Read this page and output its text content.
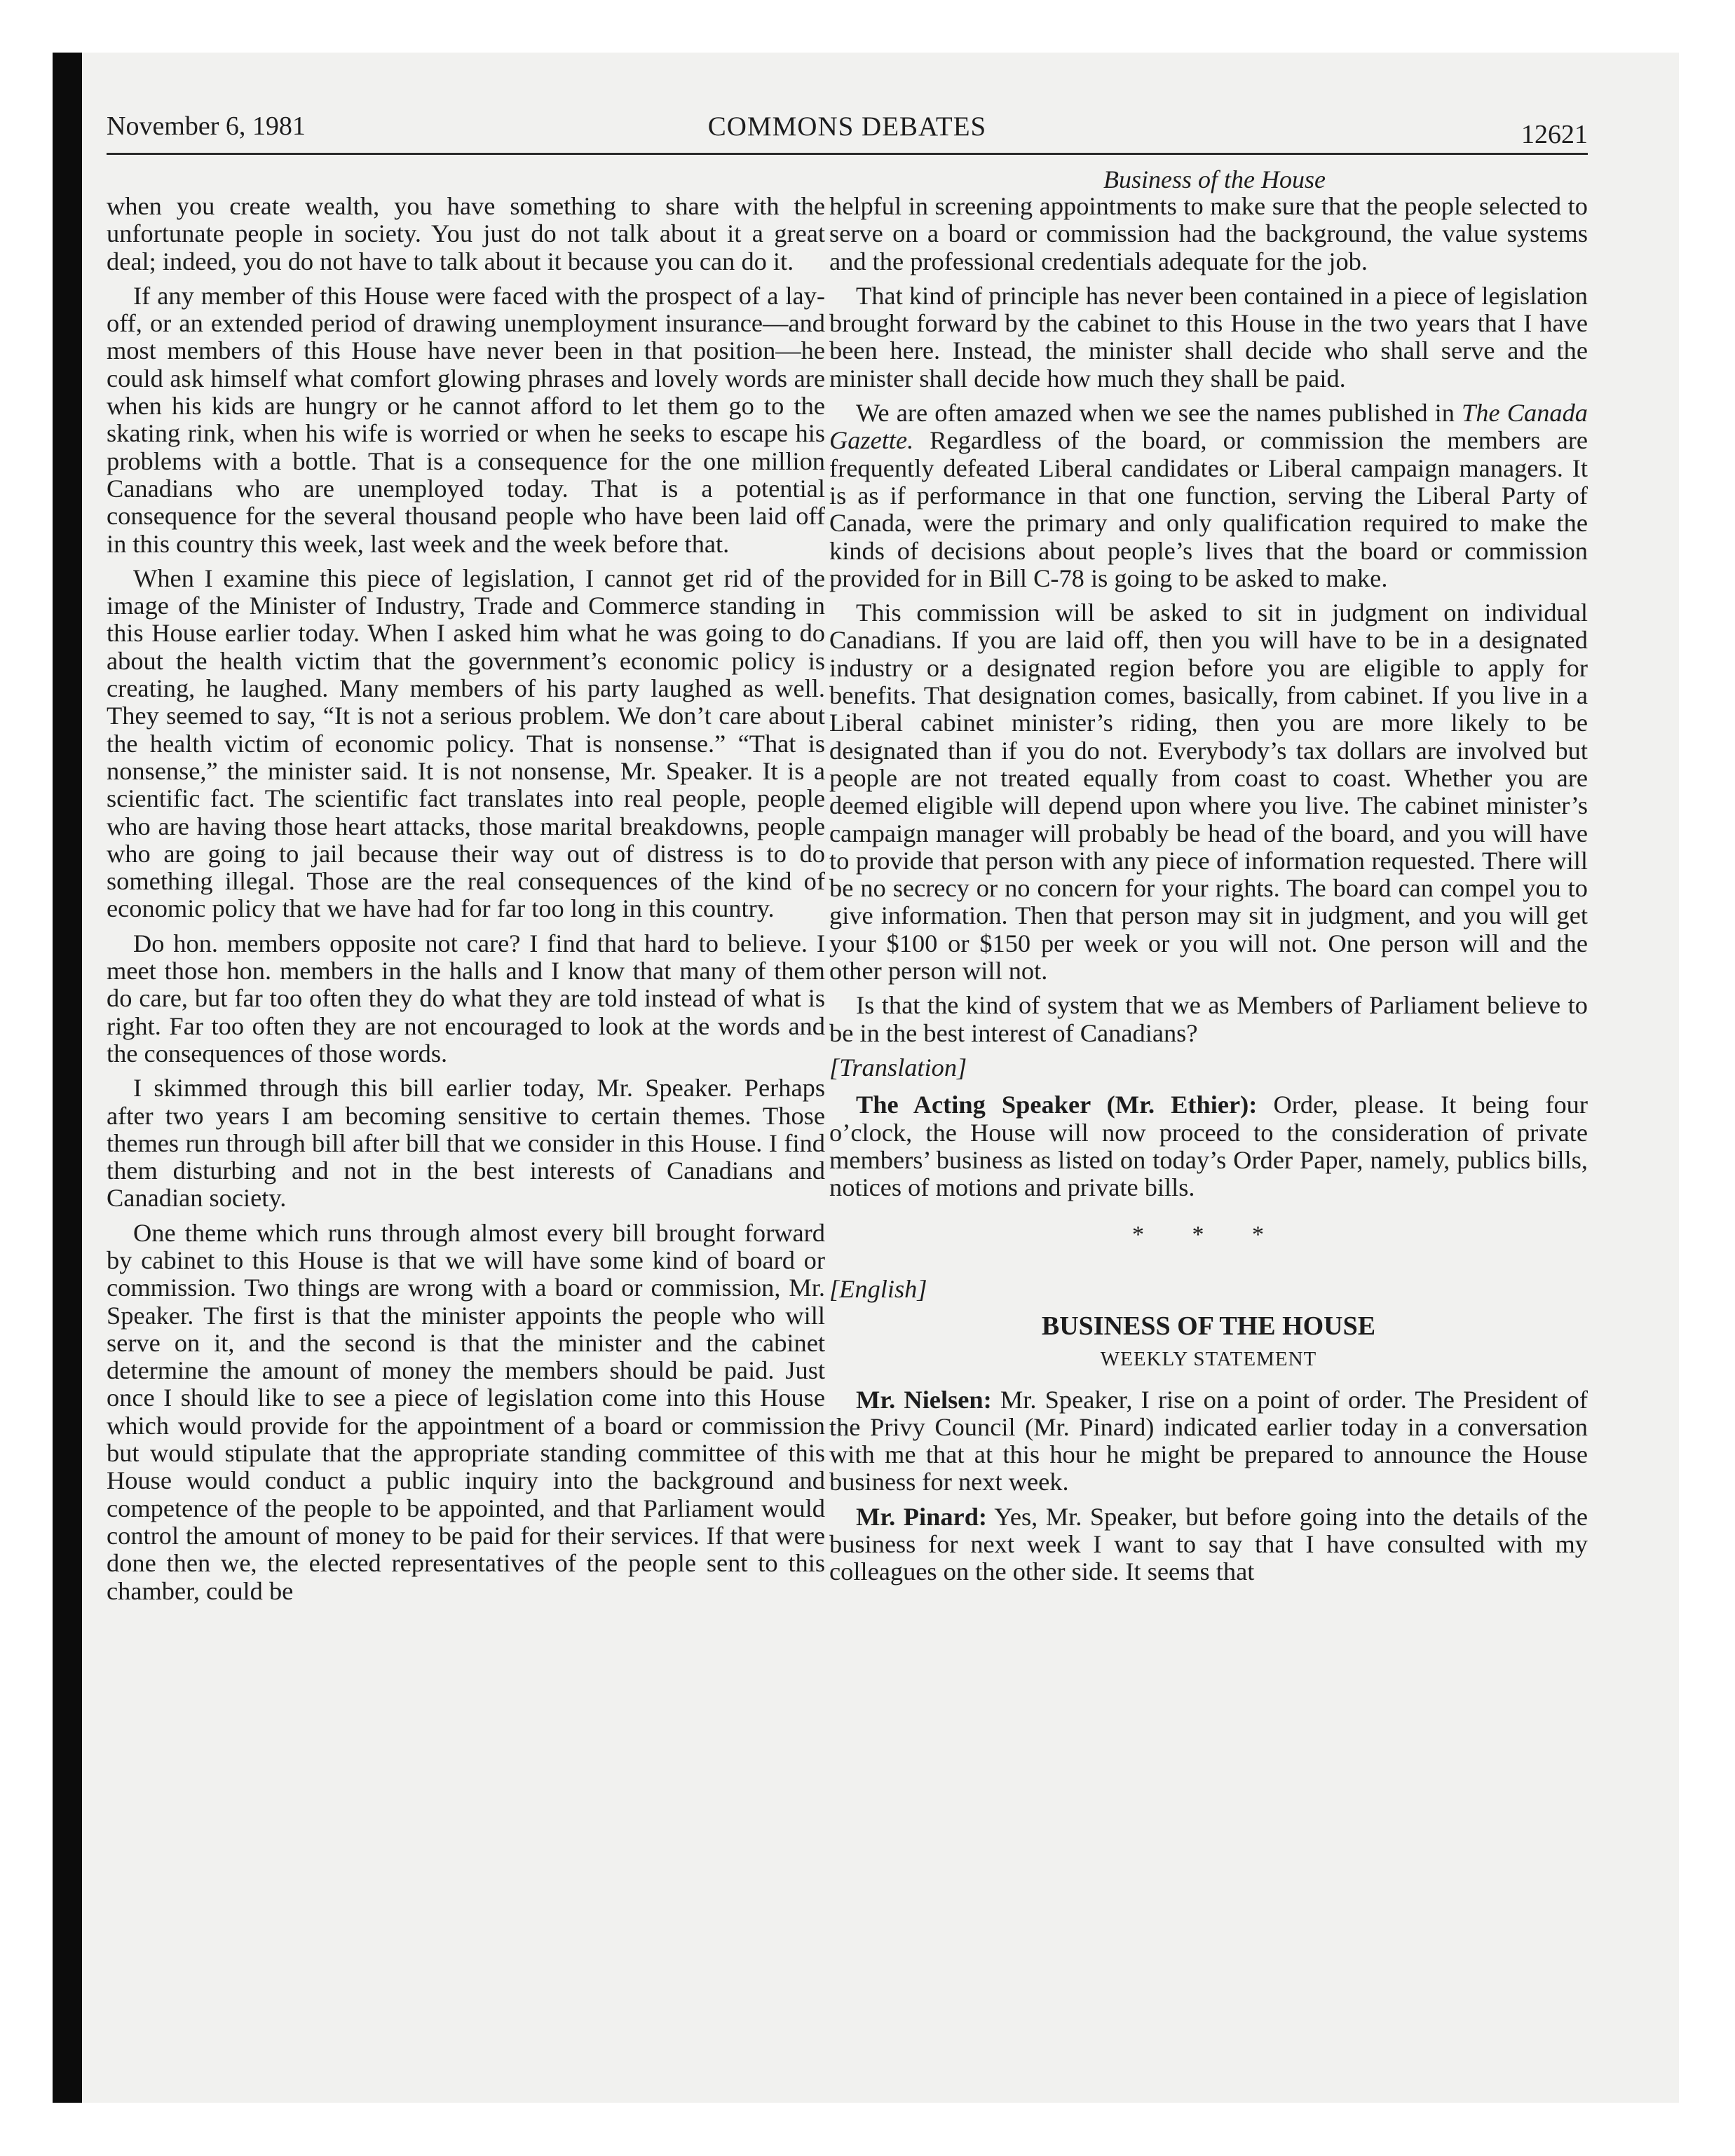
November 6, 1981	COMMONS DEBATES	12621
Business of the House

when you create wealth, you have something to share with the unfortunate people in society. You just do not talk about it a great deal; indeed, you do not have to talk about it because you can do it.

If any member of this House were faced with the prospect of a lay-off, or an extended period of drawing unemployment insurance—and most members of this House have never been in that position—he could ask himself what comfort glowing phrases and lovely words are when his kids are hungry or he cannot afford to let them go to the skating rink, when his wife is worried or when he seeks to escape his problems with a bottle. That is a consequence for the one million Canadians who are unemployed today. That is a potential consequence for the several thousand people who have been laid off in this country this week, last week and the week before that.

When I examine this piece of legislation, I cannot get rid of the image of the Minister of Industry, Trade and Commerce standing in this House earlier today. When I asked him what he was going to do about the health victim that the government’s economic policy is creating, he laughed. Many members of his party laughed as well. They seemed to say, “It is not a serious problem. We don’t care about the health victim of economic policy. That is nonsense.” “That is nonsense,” the minister said. It is not nonsense, Mr. Speaker. It is a scientific fact. The scientific fact translates into real people, people who are having those heart attacks, those marital breakdowns, people who are going to jail because their way out of distress is to do something illegal. Those are the real consequences of the kind of economic policy that we have had for far too long in this country.

Do hon. members opposite not care? I find that hard to believe. I meet those hon. members in the halls and I know that many of them do care, but far too often they do what they are told instead of what is right. Far too often they are not encouraged to look at the words and the consequences of those words.

I skimmed through this bill earlier today, Mr. Speaker. Perhaps after two years I am becoming sensitive to certain themes. Those themes run through bill after bill that we consider in this House. I find them disturbing and not in the best interests of Canadians and Canadian society.

One theme which runs through almost every bill brought forward by cabinet to this House is that we will have some kind of board or commission. Two things are wrong with a board or commission, Mr. Speaker. The first is that the minister appoints the people who will serve on it, and the second is that the minister and the cabinet determine the amount of money the members should be paid. Just once I should like to see a piece of legislation come into this House which would provide for the appointment of a board or commission but would stipulate that the appropriate standing committee of this House would conduct a public inquiry into the background and competence of the people to be appointed, and that Parliament would control the amount of money to be paid for their services. If that were done then we, the elected representatives of the people sent to this chamber, could be

helpful in screening appointments to make sure that the people selected to serve on a board or commission had the background, the value systems and the professional credentials adequate for the job.

That kind of principle has never been contained in a piece of legislation brought forward by the cabinet to this House in the two years that I have been here. Instead, the minister shall decide who shall serve and the minister shall decide how much they shall be paid.

We are often amazed when we see the names published in The Canada Gazette. Regardless of the board, or commission the members are frequently defeated Liberal candidates or Liberal campaign managers. It is as if performance in that one function, serving the Liberal Party of Canada, were the primary and only qualification required to make the kinds of decisions about people’s lives that the board or commission provided for in Bill C-78 is going to be asked to make.

This commission will be asked to sit in judgment on individual Canadians. If you are laid off, then you will have to be in a designated industry or a designated region before you are eligible to apply for benefits. That designation comes, basically, from cabinet. If you live in a Liberal cabinet minister’s riding, then you are more likely to be designated than if you do not. Everybody’s tax dollars are involved but people are not treated equally from coast to coast. Whether you are deemed eligible will depend upon where you live. The cabinet minister’s campaign manager will probably be head of the board, and you will have to provide that person with any piece of information requested. There will be no secrecy or no concern for your rights. The board can compel you to give information. Then that person may sit in judgment, and you will get your $100 or $150 per week or you will not. One person will and the other person will not.

Is that the kind of system that we as Members of Parliament believe to be in the best interest of Canadians?

[Translation]

The Acting Speaker (Mr. Ethier): Order, please. It being four o’clock, the House will now proceed to the consideration of private members’ business as listed on today’s Order Paper, namely, publics bills, notices of motions and private bills.

* * *

[English]

BUSINESS OF THE HOUSE

WEEKLY STATEMENT

Mr. Nielsen: Mr. Speaker, I rise on a point of order. The President of the Privy Council (Mr. Pinard) indicated earlier today in a conversation with me that at this hour he might be prepared to announce the House business for next week.

Mr. Pinard: Yes, Mr. Speaker, but before going into the details of the business for next week I want to say that I have consulted with my colleagues on the other side. It seems that
